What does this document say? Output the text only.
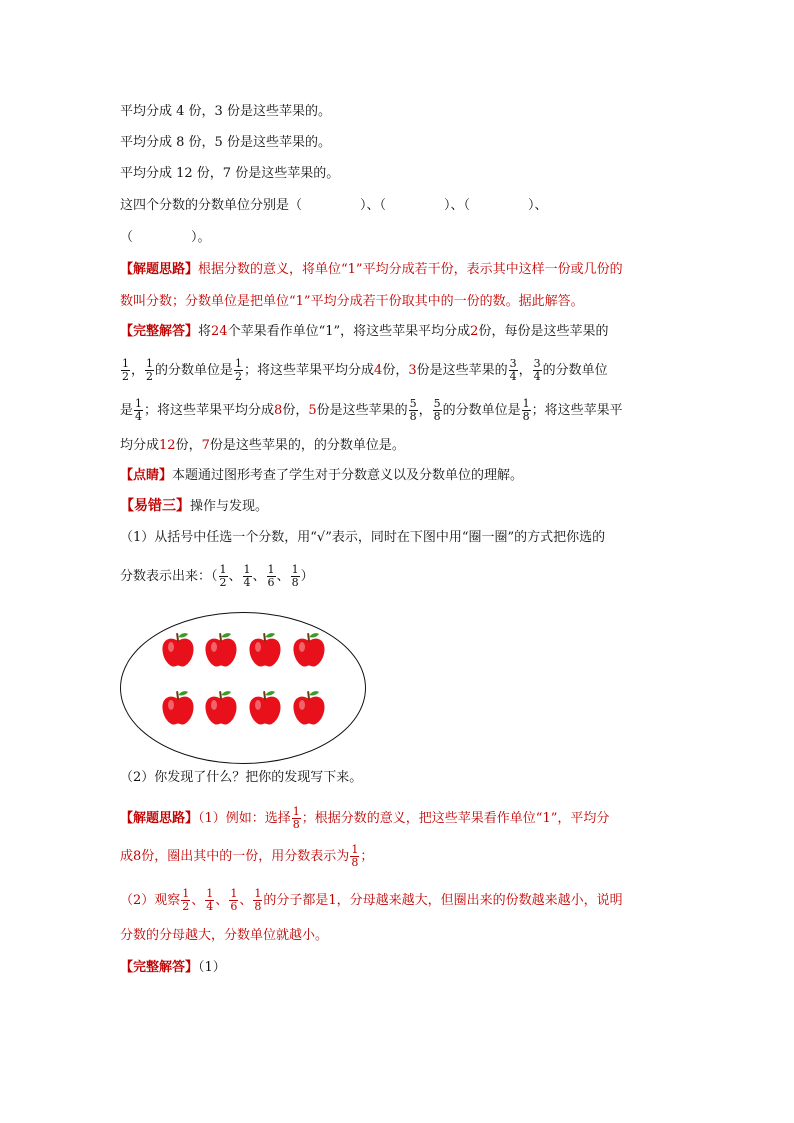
平均分成 4 份，3 份是这些苹果的。
平均分成 8 份，5 份是这些苹果的。
平均分成 12 份，7 份是这些苹果的。
这四个分数的分数单位分别是（	）、（	）、（	）、
（	）。
【解题思路】根据分数的意义，将单位“1”平均分成若干份，表示其中这样一份或几份的
数叫分数；分数单位是把单位“1”平均分成若干份取其中的一份的数。据此解答。
【完整解答】将24个苹果看作单位“1”，将这些苹果平均分成2份，每份是这些苹果的
$\frac{1}{2}$ ， $\frac{1}{2}$ 的分数单位是 $\frac{1}{2}$ ；将这些苹果平均分成4份，3份是这些苹果的 $\frac{3}{4}$ ， $\frac{3}{4}$ 的分数单位
是 $\frac{1}{4}$ ；将这些苹果平均分成8份，5份是这些苹果的 $\frac{5}{8}$ ， $\frac{5}{8}$ 的分数单位是 $\frac{1}{8}$ ；将这些苹果平
均分成12份，7份是这些苹果的，的分数单位是。
【点睛】本题通过图形考查了学生对于分数意义以及分数单位的理解。
【易错三】操作与发现。
（1）从括号中任选一个分数，用“√”表示，同时在下图中用“圈一圈”的方式把你选的
分数表示出来：（ $\frac{1}{2}$ 、 $\frac{1}{4}$ 、 $\frac{1}{6}$ 、 $\frac{1}{8}$ ）
（2）你发现了什么？把你的发现写下来。
【解题思路】（1）例如：选择 $\frac{1}{8}$ ；根据分数的意义，把这些苹果看作单位“1”，平均分
成8份，圈出其中的一份，用分数表示为 $\frac{1}{8}$ ；
（2）观察 $\frac{1}{2}$ 、 $\frac{1}{4}$ 、 $\frac{1}{6}$ 、 $\frac{1}{8}$ 的分子都是1，分母越来越大，但圈出来的份数越来越小，说明
分数的分母越大，分数单位就越小。
【完整解答】（1）
